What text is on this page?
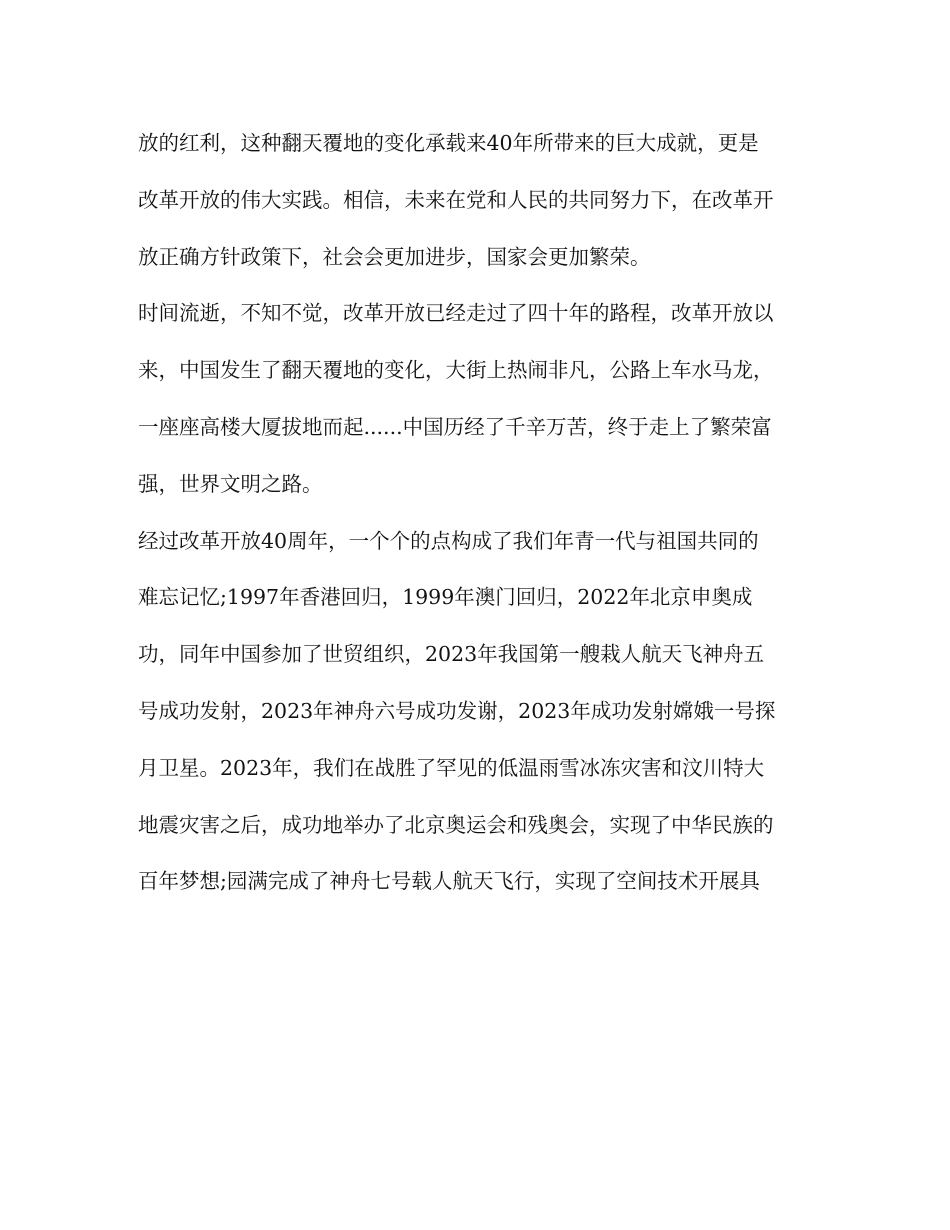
放的红利，这种翻天覆地的变化承载来40年所带来的巨大成就，更是
改革开放的伟大实践。相信，未来在党和人民的共同努力下，在改革开
放正确方针政策下，社会会更加进步，国家会更加繁荣。
时间流逝，不知不觉，改革开放已经走过了四十年的路程，改革开放以
来，中国发生了翻天覆地的变化，大街上热闹非凡，公路上车水马龙，
一座座高楼大厦拔地而起......中国历经了千辛万苦，终于走上了繁荣富
强，世界文明之路。
经过改革开放40周年，一个个的点构成了我们年青一代与祖国共同的
难忘记忆;1997年香港回归，1999年澳门回归，2022年北京申奥成
功，同年中国参加了世贸组织，2023年我国第一艘栽人航天飞神舟五
号成功发射，2023年神舟六号成功发谢，2023年成功发射嫦娥一号探
月卫星。2023年，我们在战胜了罕见的低温雨雪冰冻灾害和汶川特大
地震灾害之后，成功地举办了北京奥运会和残奥会，实现了中华民族的
百年梦想;园满完成了神舟七号载人航天飞行，实现了空间技术开展具
